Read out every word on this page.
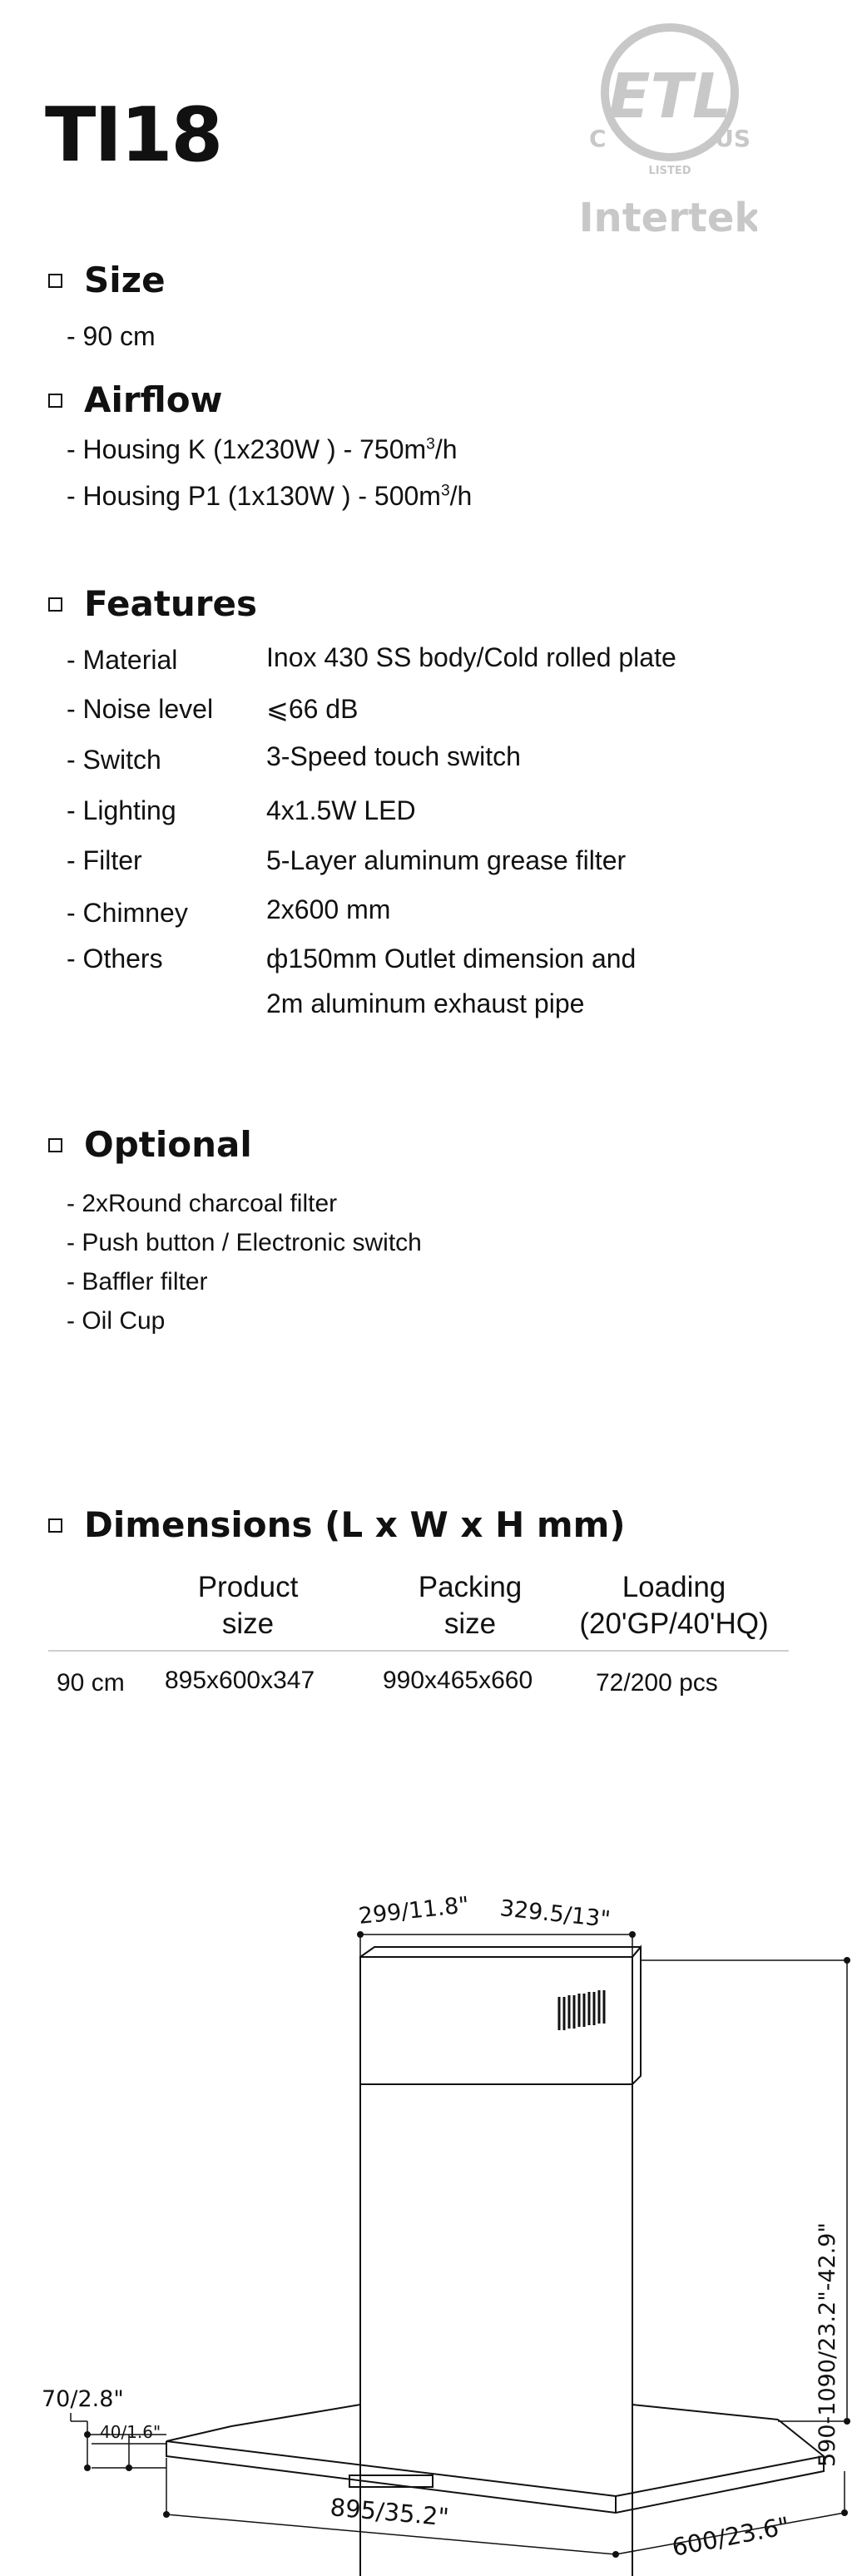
TI18	ETL
LISTED
C	US
Intertek
Size
- 90 cm
Airflow
- Housing K (1x230W ) - $750m^3/h$
- Housing P1 (1x130W ) - $500m^3/h$
Features
- Material	Inox 430 SS body/Cold rolled plate
- Noise level ⩽66 dB
- Switch	3-Speed touch switch
- Lighting	4x1.5W LED
- Filter	5-Layer aluminum grease filter
- Chimney	2x600 mm
- Others	ф150mm Outlet dimension and
2m aluminum exhaust pipe
Optional
- 2xRound charcoal filter
- Push button / Electronic switch
- Baffler filter
- Oil Cup
Dimensions (L x W x H mm)
Product
size
Packing
size
Loading
(20'GP/40'HQ)
90 cm 895x600x347	990x465x660	72/200 pcs
299/11.8" 329.5/13"
590-1090/23.2"-42.9"
70/2.8"
40/1.6"
895/35.2"	600/23.6"
